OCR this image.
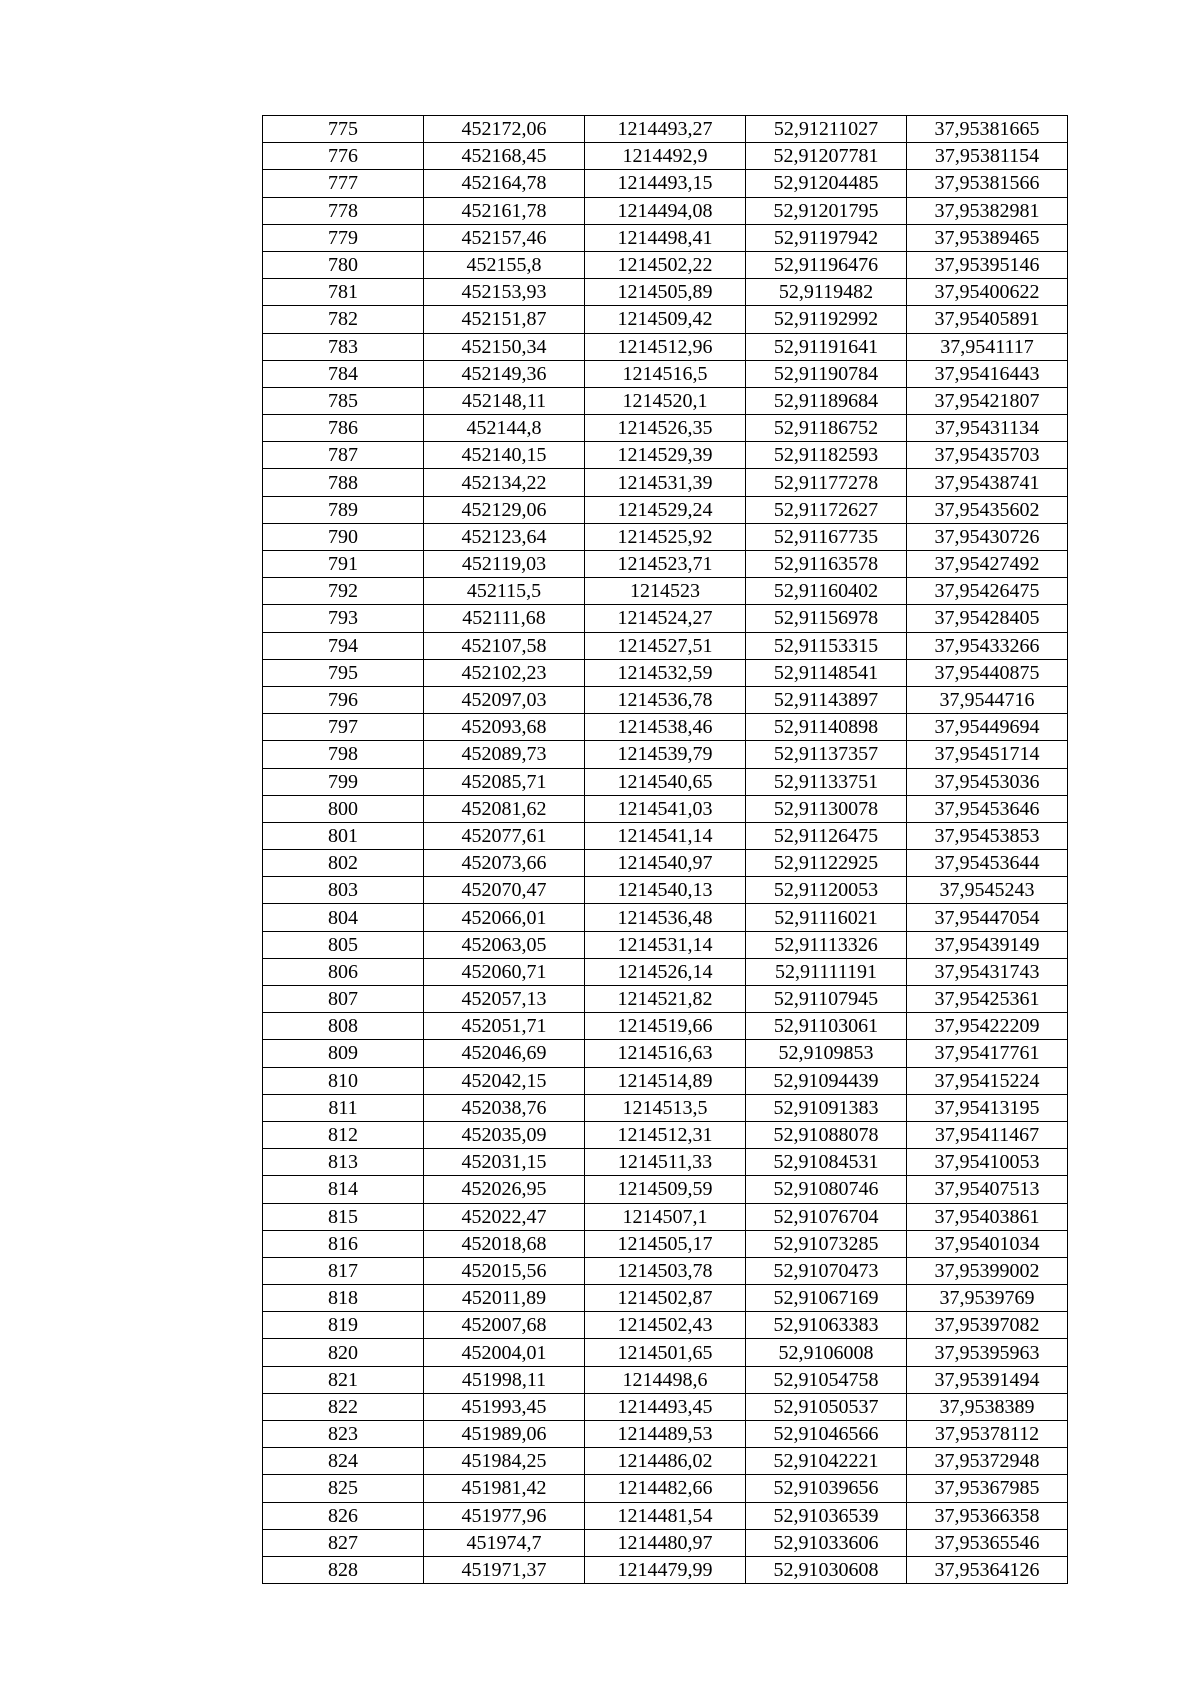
775	452172,06	1214493,27	52,91211027	37,95381665
776	452168,45	1214492,9	52,91207781	37,95381154
777	452164,78	1214493,15	52,91204485	37,95381566
778	452161,78	1214494,08	52,91201795	37,95382981
779	452157,46	1214498,41	52,91197942	37,95389465
780	452155,8	1214502,22	52,91196476	37,95395146
781	452153,93	1214505,89	52,9119482	37,95400622
782	452151,87	1214509,42	52,91192992	37,95405891
783	452150,34	1214512,96	52,91191641	37,9541117
784	452149,36	1214516,5	52,91190784	37,95416443
785	452148,11	1214520,1	52,91189684	37,95421807
786	452144,8	1214526,35	52,91186752	37,95431134
787	452140,15	1214529,39	52,91182593	37,95435703
788	452134,22	1214531,39	52,91177278	37,95438741
789	452129,06	1214529,24	52,91172627	37,95435602
790	452123,64	1214525,92	52,91167735	37,95430726
791	452119,03	1214523,71	52,91163578	37,95427492
792	452115,5	1214523	52,91160402	37,95426475
793	452111,68	1214524,27	52,91156978	37,95428405
794	452107,58	1214527,51	52,91153315	37,95433266
795	452102,23	1214532,59	52,91148541	37,95440875
796	452097,03	1214536,78	52,91143897	37,9544716
797	452093,68	1214538,46	52,91140898	37,95449694
798	452089,73	1214539,79	52,91137357	37,95451714
799	452085,71	1214540,65	52,91133751	37,95453036
800	452081,62	1214541,03	52,91130078	37,95453646
801	452077,61	1214541,14	52,91126475	37,95453853
802	452073,66	1214540,97	52,91122925	37,95453644
803	452070,47	1214540,13	52,91120053	37,9545243
804	452066,01	1214536,48	52,91116021	37,95447054
805	452063,05	1214531,14	52,91113326	37,95439149
806	452060,71	1214526,14	52,91111191	37,95431743
807	452057,13	1214521,82	52,91107945	37,95425361
808	452051,71	1214519,66	52,91103061	37,95422209
809	452046,69	1214516,63	52,9109853	37,95417761
810	452042,15	1214514,89	52,91094439	37,95415224
811	452038,76	1214513,5	52,91091383	37,95413195
812	452035,09	1214512,31	52,91088078	37,95411467
813	452031,15	1214511,33	52,91084531	37,95410053
814	452026,95	1214509,59	52,91080746	37,95407513
815	452022,47	1214507,1	52,91076704	37,95403861
816	452018,68	1214505,17	52,91073285	37,95401034
817	452015,56	1214503,78	52,91070473	37,95399002
818	452011,89	1214502,87	52,91067169	37,9539769
819	452007,68	1214502,43	52,91063383	37,95397082
820	452004,01	1214501,65	52,9106008	37,95395963
821	451998,11	1214498,6	52,91054758	37,95391494
822	451993,45	1214493,45	52,91050537	37,9538389
823	451989,06	1214489,53	52,91046566	37,95378112
824	451984,25	1214486,02	52,91042221	37,95372948
825	451981,42	1214482,66	52,91039656	37,95367985
826	451977,96	1214481,54	52,91036539	37,95366358
827	451974,7	1214480,97	52,91033606	37,95365546
828	451971,37	1214479,99	52,91030608	37,95364126
